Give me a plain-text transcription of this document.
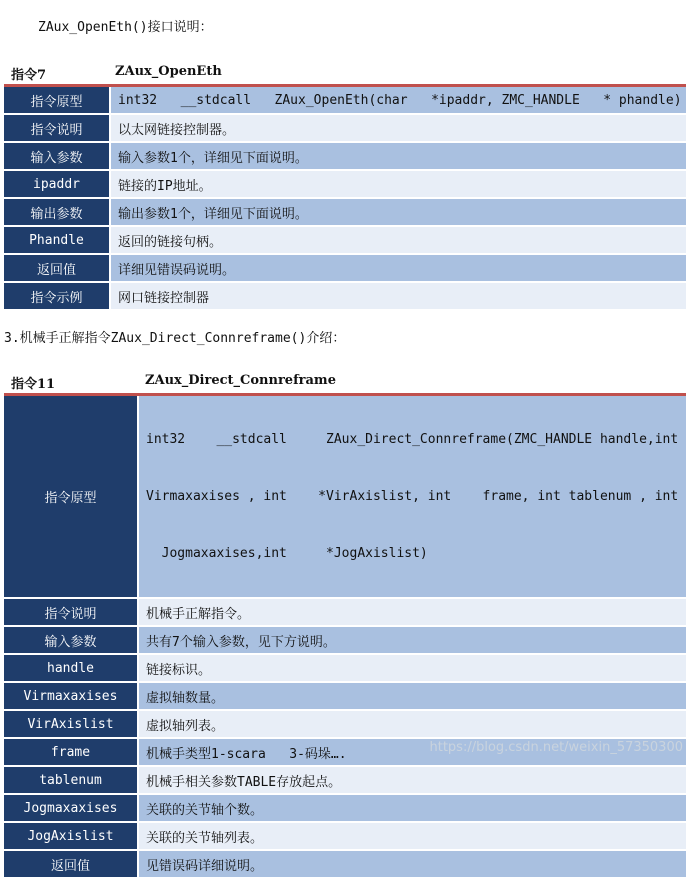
ZAux_OpenEth()接口说明：
指令7	ZAux_OpenEth
指令原型	int32   __stdcall   ZAux_OpenEth(char   *ipaddr, ZMC_HANDLE   * phandle)
指令说明	以太网链接控制器。
输入参数	输入参数1个，详细见下面说明。
ipaddr	链接的IP地址。
输出参数	输出参数1个，详细见下面说明。
Phandle	返回的链接句柄。
返回值	详细见错误码说明。
指令示例	网口链接控制器
3.机械手正解指令ZAux_Direct_Connreframe()介绍：
指令11	ZAux_Direct_Connreframe
指令原型	int32    __stdcall     ZAux_Direct_Connreframe(ZMC_HANDLE handle,int

Virmaxaxises , int    *VirAxislist, int    frame, int tablenum , int

Jogmaxaxises,int     *JogAxislist)

指令说明	机械手正解指令。
输入参数	共有7个输入参数，见下方说明。
handle	链接标识。
Virmaxaxises	虚拟轴数量。
VirAxislist	虚拟轴列表。
frame	机械手类型1-scara   3-码垛….
tablenum	机械手相关参数TABLE存放起点。
Jogmaxaxises	关联的关节轴个数。
JogAxislist	关联的关节轴列表。
返回值	见错误码详细说明。
https://blog.csdn.net/weixin_57350300
